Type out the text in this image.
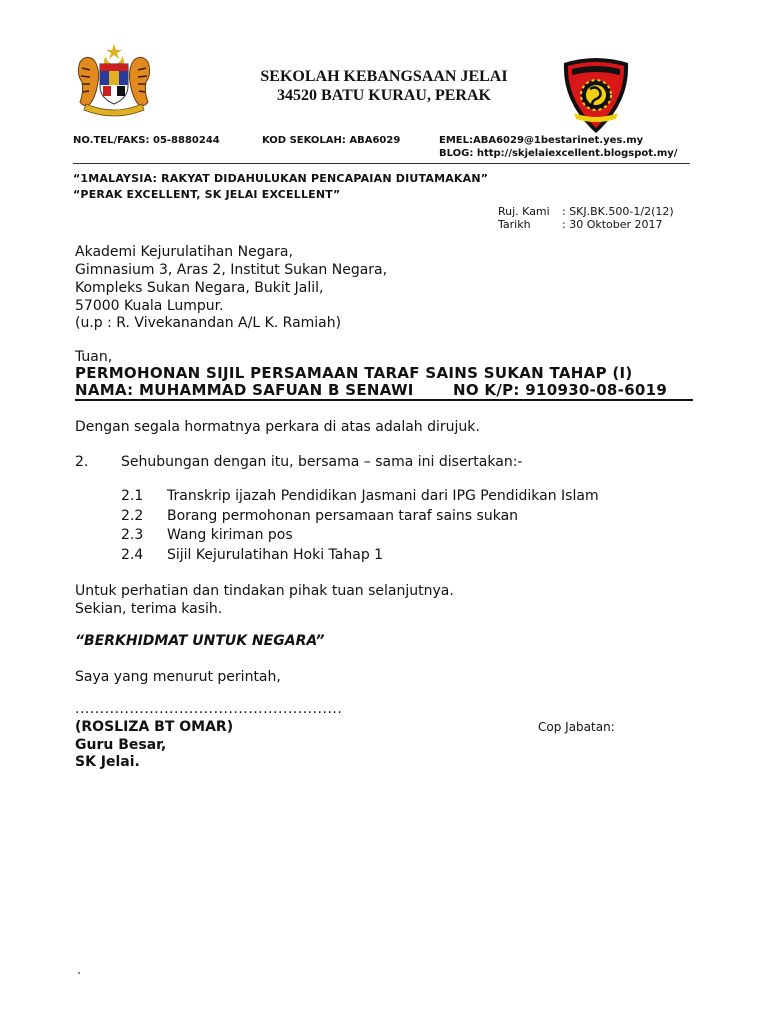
SEKOLAH KEBANGSAAN JELAI
34520 BATU KURAU, PERAK
NO.TEL/FAKS: 05-8880244	KOD SEKOLAH: ABA6029	EMEL:ABA6029@1bestarinet.yes.my
BLOG: http://skjelaiexcellent.blogspot.my/
“1MALAYSIA: RAKYAT DIDAHULUKAN PENCAPAIAN DIUTAMAKAN”
“PERAK EXCELLENT, SK JELAI EXCELLENT”
Ruj. Kami : SKJ.BK.500-1/2(12)
Tarikh	: 30 Oktober 2017
Akademi Kejurulatihan Negara,
Gimnasium 3, Aras 2, Institut Sukan Negara,
Kompleks Sukan Negara, Bukit Jalil,
57000 Kuala Lumpur.
(u.p : R. Vivekanandan A/L K. Ramiah)
Tuan,
PERMOHONAN SIJIL PERSAMAAN TARAF SAINS SUKAN TAHAP (I)
NAMA: MUHAMMAD SAFUAN B SENAWI	NO K/P: 910930-08-6019
Dengan segala hormatnya perkara di atas adalah dirujuk.
2. Sehubungan dengan itu, bersama – sama ini disertakan:-
2.1 Transkrip ijazah Pendidikan Jasmani dari IPG Pendidikan Islam
2.2 Borang permohonan persamaan taraf sains sukan
2.3 Wang kiriman pos
2.4 Sijil Kejurulatihan Hoki Tahap 1
Untuk perhatian dan tindakan pihak tuan selanjutnya.
Sekian, terima kasih.
“BERKHIDMAT UNTUK NEGARA”
Saya yang menurut perintah,
......................................................
(ROSLIZA BT OMAR)
Guru Besar,
SK Jelai.
Cop Jabatan:
